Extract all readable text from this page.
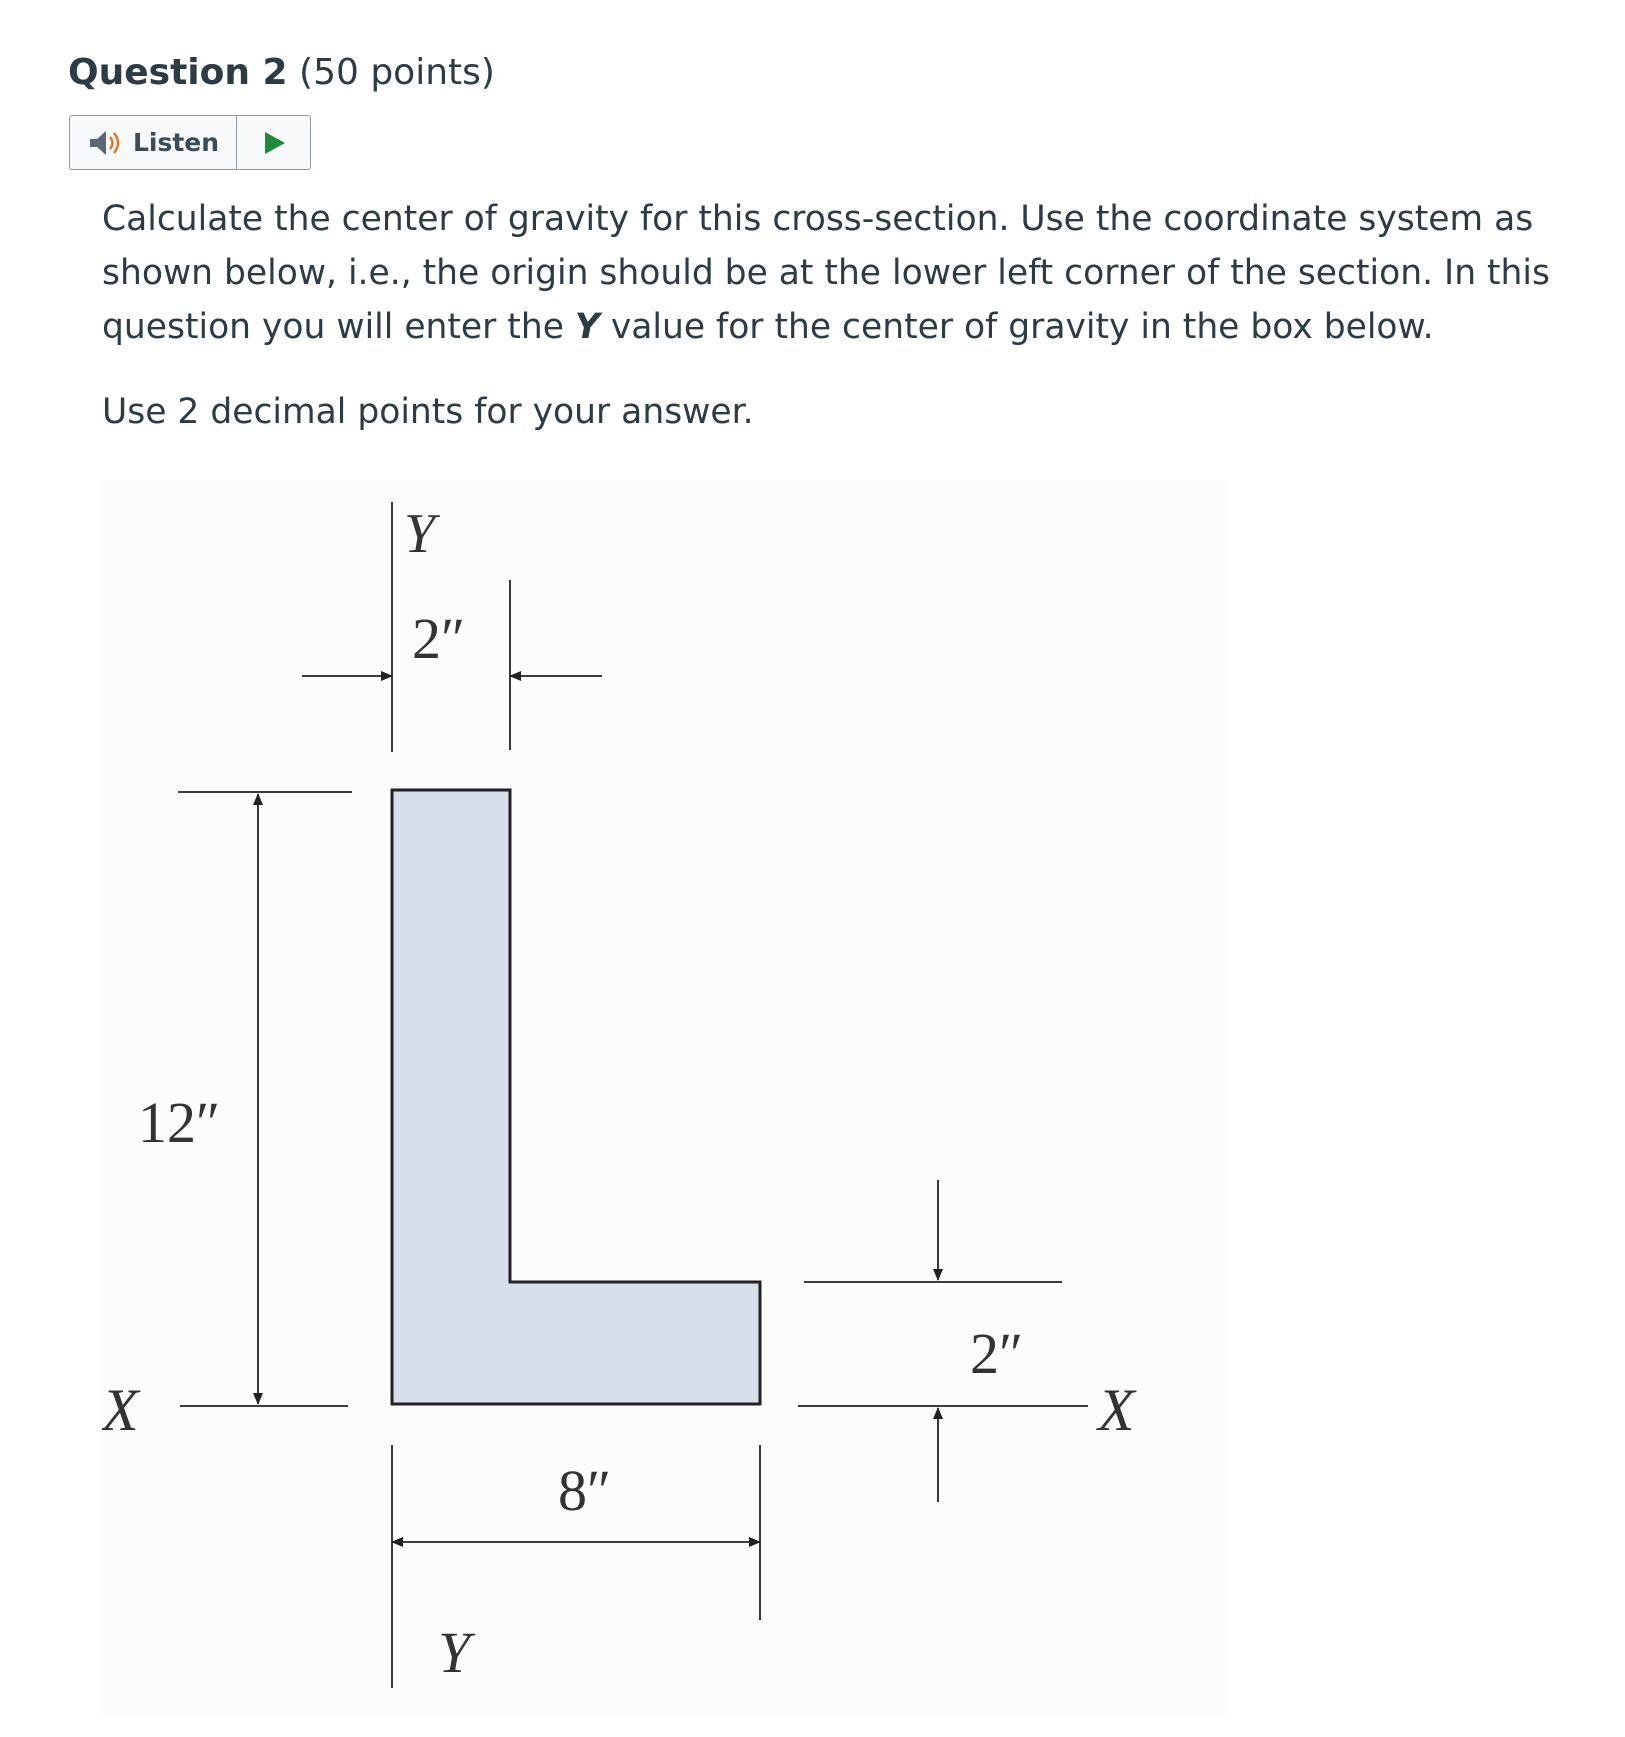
Question 2 (50 points)
Listen

Calculate the center of gravity for this cross-section. Use the coordinate system as shown below, i.e., the origin should be at the lower left corner of the section. In this question you will enter the Y value for the center of gravity in the box below.

Use 2 decimal points for your answer.
Y
2″
12″
X
2″
X
8″
Y
